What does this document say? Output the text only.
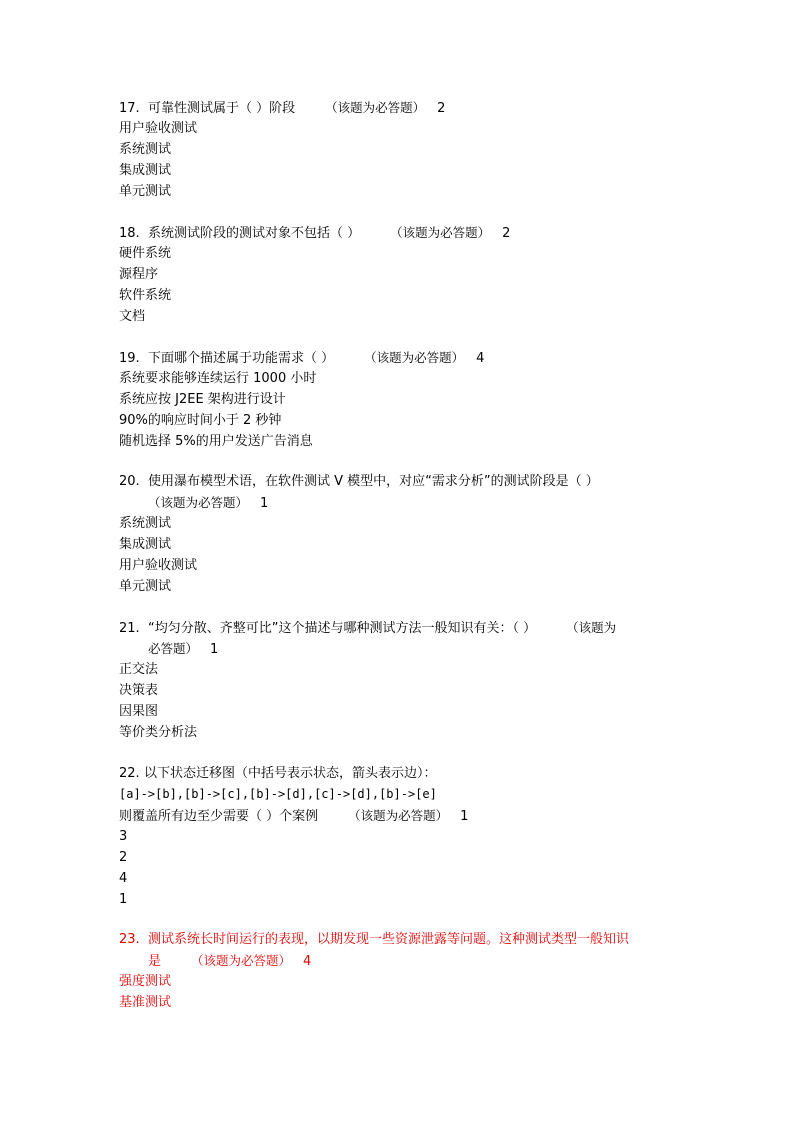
17. 可靠性测试属于（ ）阶段 （该题为必答题） 2
用户验收测试
系统测试
集成测试
单元测试
18. 系统测试阶段的测试对象不包括（ ） （该题为必答题） 2
硬件系统
源程序
软件系统
文档
19. 下面哪个描述属于功能需求（ ） （该题为必答题） 4
系统要求能够连续运行 1000 小时
系统应按 J2EE 架构进行设计
90%的响应时间小于 2 秒钟
随机选择 5%的用户发送广告消息
20. 使用瀑布模型术语，在软件测试 V 模型中，对应“需求分析”的测试阶段是（ ）
（该题为必答题） 1
系统测试
集成测试
用户验收测试
单元测试
21. “均匀分散、齐整可比”这个描述与哪种测试方法一般知识有关：（ ） （该题为
必答题） 1
正交法
决策表
因果图
等价类分析法
22. 以下状态迁移图（中括号表示状态，箭头表示边）：
[a]->[b],[b]->[c],[b]->[d],[c]->[d],[b]->[e]
则覆盖所有边至少需要（ ）个案例 （该题为必答题） 1
3
2
4
1
23. 测试系统长时间运行的表现，以期发现一些资源泄露等问题。这种测试类型一般知识
是 （该题为必答题） 4
强度测试
基准测试
